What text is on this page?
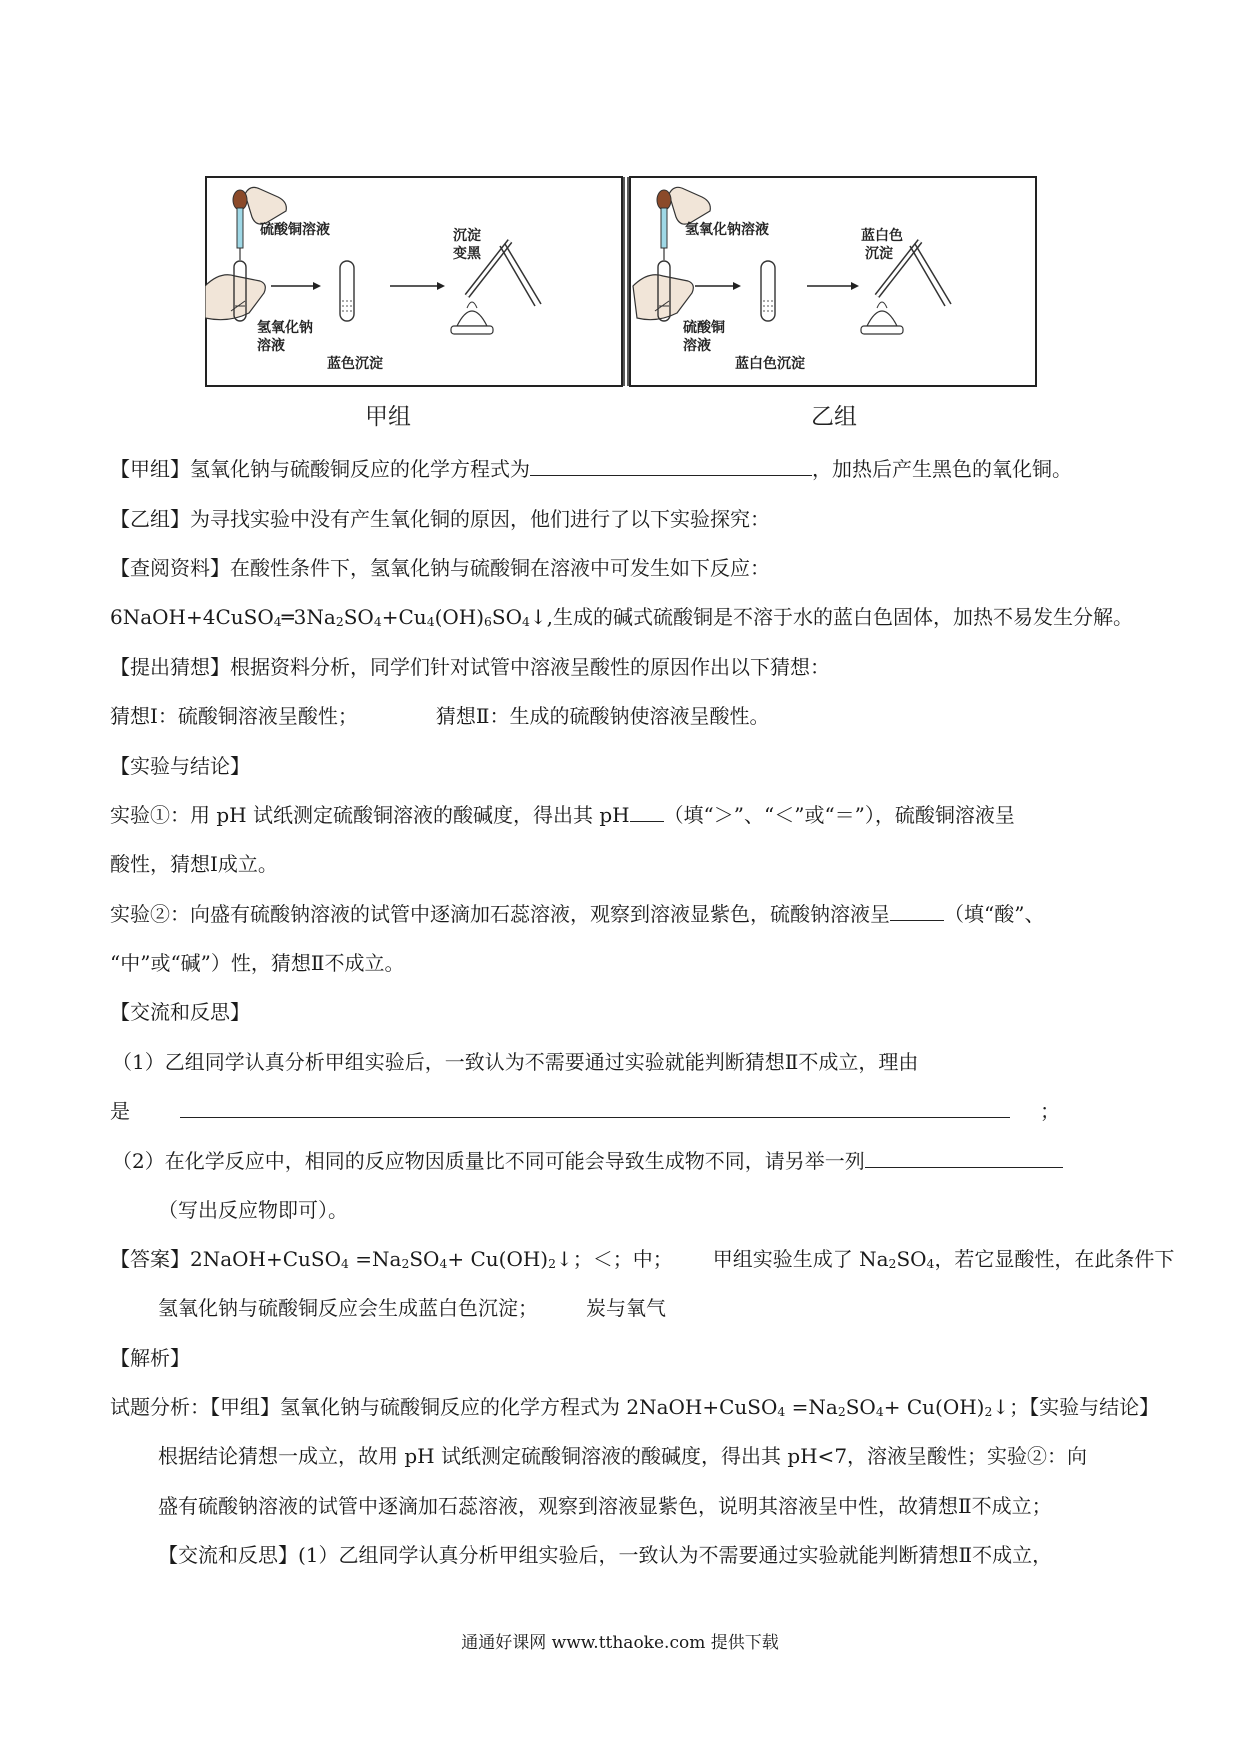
硫酸铜溶液
氢氧化钠
溶液
蓝色沉淀
沉淀
变黑
氢氧化钠溶液
硫酸铜
溶液
蓝白色沉淀
蓝白色
沉淀
甲组	乙组
【甲组】氢氧化钠与硫酸铜反应的化学方程式为	，加热后产生黑色的氧化铜。
【乙组】为寻找实验中没有产生氧化铜的原因，他们进行了以下实验探究：
【查阅资料】在酸性条件下，氢氧化钠与硫酸铜在溶液中可发生如下反应：
$6NaOH+4CuSO_4═3Na_2SO_4+Cu_4(OH)_6SO_4↓$,生成的碱式硫酸铜是不溶于水的蓝白色固体，加热不易发生分解。
【提出猜想】根据资料分析，同学们针对试管中溶液呈酸性的原因作出以下猜想：
猜想Ⅰ：硫酸铜溶液呈酸性；	猜想Ⅱ：生成的硫酸钠使溶液呈酸性。
【实验与结论】
实验①：用 pH 试纸测定硫酸铜溶液的酸碱度，得出其 pH （填“＞”、“＜”或“＝”），硫酸铜溶液呈
酸性，猜想Ⅰ成立。
实验②：向盛有硫酸钠溶液的试管中逐滴加石蕊溶液，观察到溶液显紫色，硫酸钠溶液呈	（填“酸”、
“中”或“碱”）性，猜想Ⅱ不成立。
【交流和反思】
（1）乙组同学认真分析甲组实验后，一致认为不需要通过实验就能判断猜想Ⅱ不成立，理由
是	；
（2）在化学反应中，相同的反应物因质量比不同可能会导致生成物不同，请另举一列
（写出反应物即可）。
【答案】2NaOH+CuSO$_4$ $=Na_2SO_4+$ $Cu(OH)_2↓$；＜；中； 甲组实验生成了 $Na_2SO_4$，若它显酸性，在此条件下
氢氧化钠与硫酸铜反应会生成蓝白色沉淀； 炭与氧气
【解析】
试题分析：【甲组】氢氧化钠与硫酸铜反应的化学方程式为 2NaOH+CuSO$_4$ $=Na_2SO_4+$ $Cu(OH)_2↓$；【实验与结论】
根据结论猜想一成立，故用 pH 试纸测定硫酸铜溶液的酸碱度，得出其 pH<7，溶液呈酸性；实验②：向
盛有硫酸钠溶液的试管中逐滴加石蕊溶液，观察到溶液显紫色，说明其溶液呈中性，故猜想Ⅱ不成立；
【交流和反思】(1）乙组同学认真分析甲组实验后，一致认为不需要通过实验就能判断猜想Ⅱ不成立，
通通好课网 www.tthaoke.com 提供下载
